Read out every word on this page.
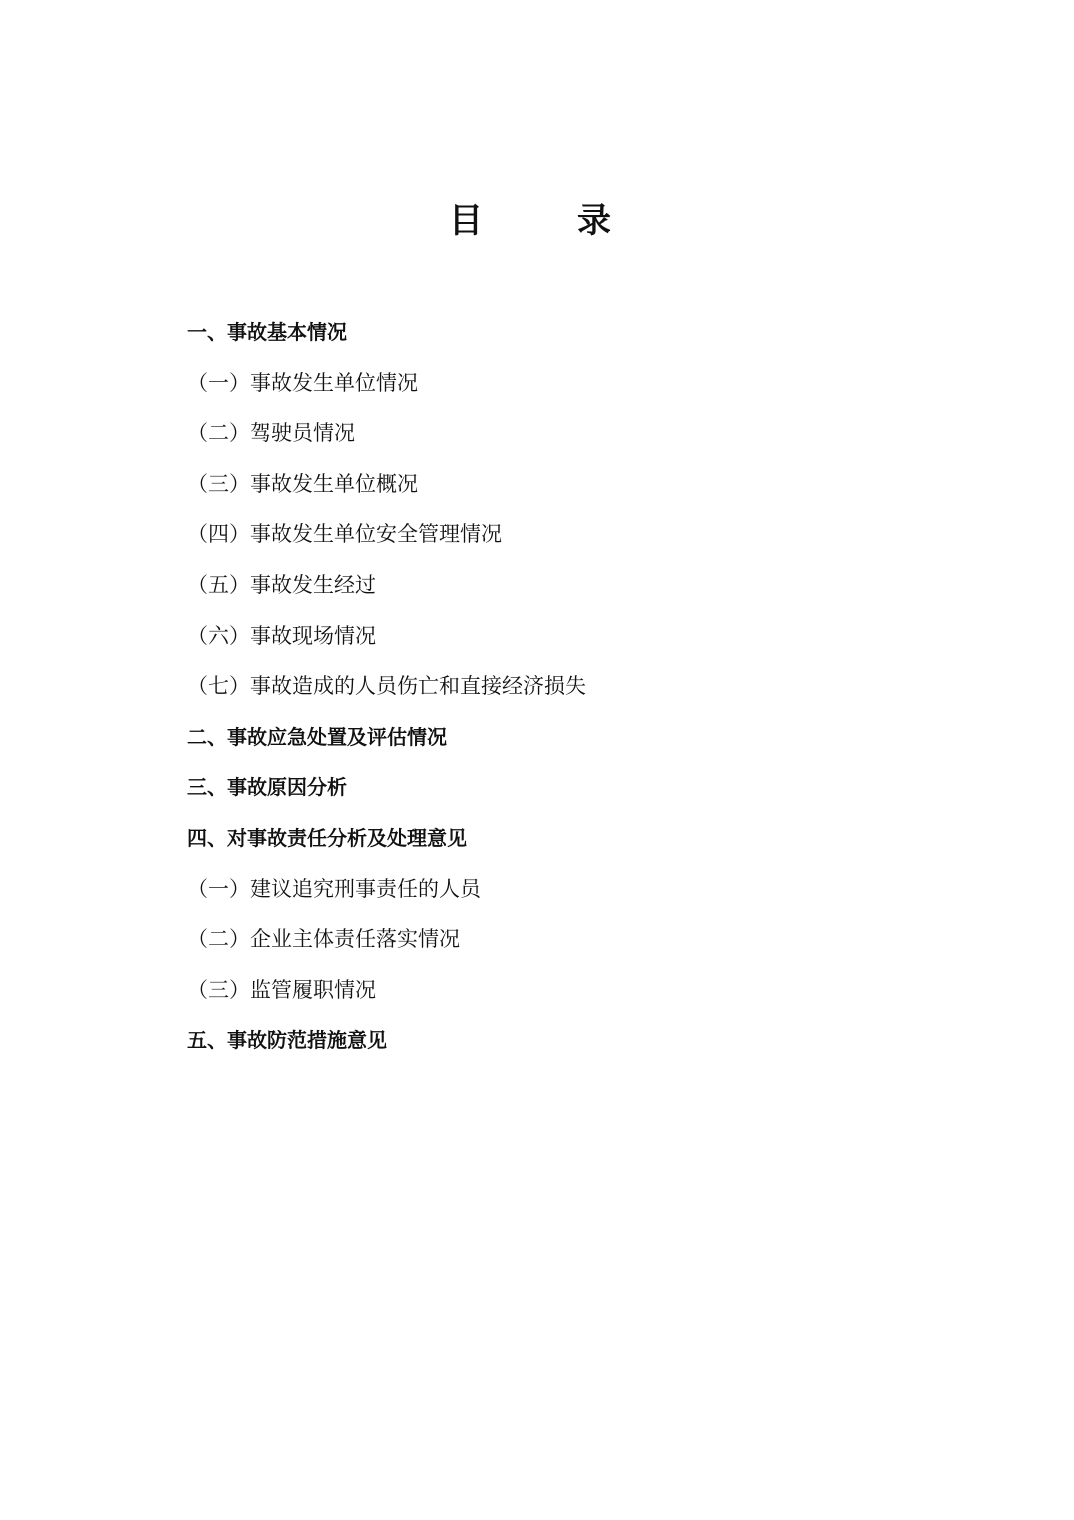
目　录
一、事故基本情况
（一）事故发生单位情况
（二）驾驶员情况
（三）事故发生单位概况
（四）事故发生单位安全管理情况
（五）事故发生经过
（六）事故现场情况
（七）事故造成的人员伤亡和直接经济损失
二、事故应急处置及评估情况
三、事故原因分析
四、对事故责任分析及处理意见
（一）建议追究刑事责任的人员
（二）企业主体责任落实情况
（三）监管履职情况
五、事故防范措施意见
